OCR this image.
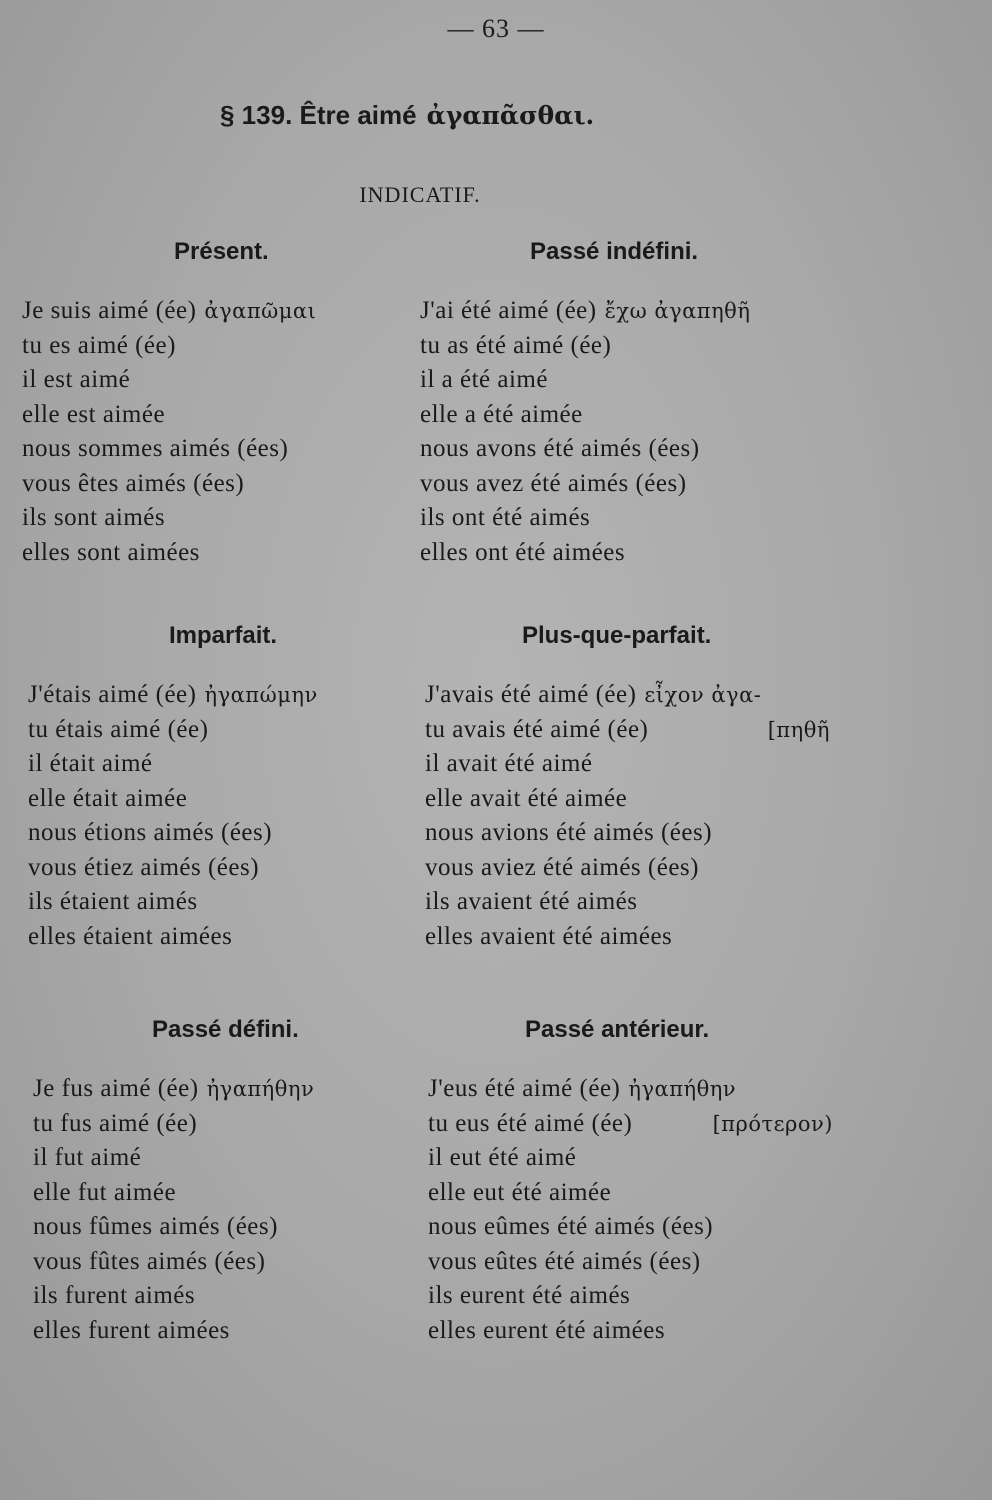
— 63 —
§ 139. Être aimé ἀγαπᾶσθαι.
INDICATIF.
Présent.
Je suis aimé (ée) ἀγαπῶμαι
tu es aimé (ée)
il est aimé
elle est aimée
nous sommes aimés (ées)
vous êtes aimés (ées)
ils sont aimés
elles sont aimées
Passé indéfini.
J'ai été aimé (ée) ἔχω ἀγαπηθῆ
tu as été aimé (ée)
il a été aimé
elle a été aimée
nous avons été aimés (ées)
vous avez été aimés (ées)
ils ont été aimés
elles ont été aimées
Imparfait.
J'étais aimé (ée) ἠγαπώμην
tu étais aimé (ée)
il était aimé
elle était aimée
nous étions aimés (ées)
vous étiez aimés (ées)
ils étaient aimés
elles étaient aimées
Plus-que-parfait.
J'avais été aimé (ée) εἶχον ἀγα-
tu avais été aimé (ée)	[πηθῆ
il avait été aimé
elle avait été aimée
nous avions été aimés (ées)
vous aviez été aimés (ées)
ils avaient été aimés
elles avaient été aimées
Passé défini.
Je fus aimé (ée) ἠγαπήθην
tu fus aimé (ée)
il fut aimé
elle fut aimée
nous fûmes aimés (ées)
vous fûtes aimés (ées)
ils furent aimés
elles furent aimées
Passé antérieur.
J'eus été aimé (ée) ἠγαπήθην
tu eus été aimé (ée)	[πρότερον)
il eut été aimé
elle eut été aimée
nous eûmes été aimés (ées)
vous eûtes été aimés (ées)
ils eurent été aimés
elles eurent été aimées
